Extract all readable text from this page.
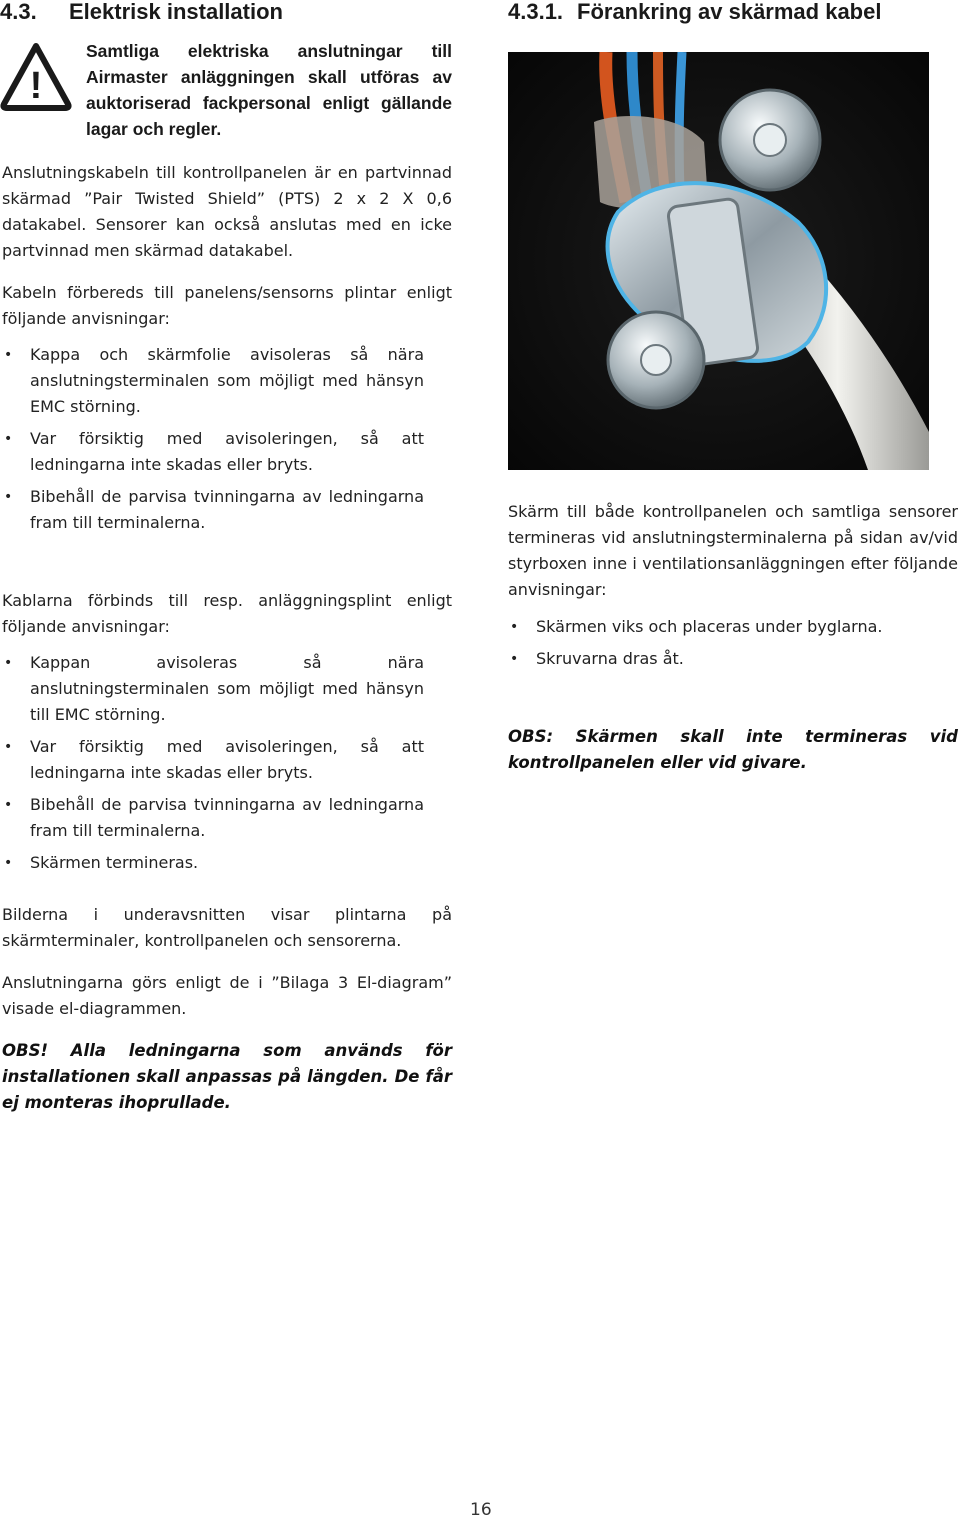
4.3. Elektrisk installation
!
Samtliga elektriska anslutningar till Airmaster anläggningen skall utföras av auktoriserad fackpersonal enligt gällande lagar och regler.
Anslutningskabeln till kontrollpanelen är en partvinnad skärmad ”Pair Twisted Shield” (PTS) 2 x 2 X 0,6 datakabel. Sensorer kan också anslutas med en icke partvinnad men skärmad datakabel.
Kabeln förbereds till panelens/sensorns plintar enligt följande anvisningar:
• Kappa och skärmfolie avisoleras så nära anslutningsterminalen som möjligt med hänsyn EMC störning.
• Var försiktig med avisoleringen, så att ledningarna inte skadas eller bryts.
• Bibehåll de parvisa tvinningarna av ledningarna fram till terminalerna.
Kablarna förbinds till resp. anläggningsplint enligt följande anvisningar:
• Kappan avisoleras så nära anslutningsterminalen som möjligt med hänsyn till EMC störning.
• Var försiktig med avisoleringen, så att ledningarna inte skadas eller bryts.
• Bibehåll de parvisa tvinningarna av ledningarna fram till terminalerna.
• Skärmen termineras.
Bilderna i underavsnitten visar plintarna på skärmterminaler, kontrollpanelen och sensorerna.
Anslutningarna görs enligt de i ”Bilaga 3 El-diagram” visade el-diagrammen.
OBS! Alla ledningarna som används för installationen skall anpassas på längden. De får ej monteras ihoprullade.
4.3.1. Förankring av skärmad kabel
Skärm till både kontrollpanelen och samtliga sensorer termineras vid anslutningsterminalerna på sidan av/vid styrboxen inne i ventilationsanläggningen efter följande anvisningar:
• Skärmen viks och placeras under byglarna.
• Skruvarna dras åt.
OBS: Skärmen skall inte termineras vid kontrollpanelen eller vid givare.
16
